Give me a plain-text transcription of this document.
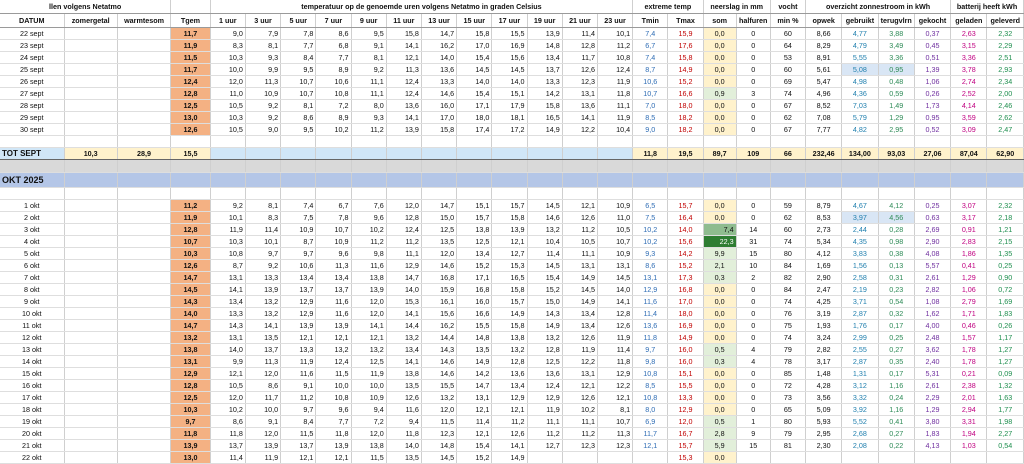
llen volgens Netatmo				temperatuur op de genoemde uren volgens Netatmo in graden Celsius												extreme temp		neerslag in mm		vocht	overzicht zonnestroom in kWh				batterij heeft kWh	
DATUM	zomergetal	warmtesom	Tgem	1 uur	3 uur	5 uur	7 uur	9 uur	11 uur	13 uur	15 uur	17 uur	19 uur	21 uur	23 uur	Tmin	Tmax	som	halfuren	min %	opwek	gebruikt	terugvlrn	gekocht	geladen	geleverd
22 sept			11,7	9,0	7,9	7,8	8,6	9,5	15,8	14,7	15,8	15,5	13,9	11,4	10,1	7,4	15,9	0,0	0	60	8,66	4,77	3,88	0,37	2,63	2,32
23 sept			11,9	8,3	8,1	7,7	6,8	9,1	14,1	16,2	17,0	16,9	14,8	12,8	11,2	6,7	17,6	0,0	0	64	8,29	4,79	3,49	0,45	3,15	2,29
24 sept			11,5	10,3	9,3	8,4	7,7	8,1	12,1	14,0	15,4	15,6	13,4	11,7	10,8	7,4	15,8	0,0	0	53	8,91	5,55	3,36	0,51	3,36	2,51
25 sept			11,7	10,0	9,9	9,5	8,9	9,2	11,3	13,6	14,5	14,5	13,7	12,6	12,4	8,7	14,9	0,0	0	60	5,61	5,08	0,95	1,39	3,78	2,93
26 sept			12,4	12,0	11,3	10,7	10,6	11,1	12,4	13,3	14,0	14,0	13,3	12,3	11,9	10,6	15,2	0,0	0	69	5,47	4,98	0,48	1,06	2,74	2,34
27 sept			12,8	11,0	10,9	10,7	10,8	11,1	12,4	14,6	15,4	15,1	14,2	13,1	11,8	10,7	16,6	0,9	3	74	4,96	4,36	0,59	0,26	2,52	2,00
28 sept			12,5	10,5	9,2	8,1	7,2	8,0	13,6	16,0	17,1	17,9	15,8	13,6	11,1	7,0	18,0	0,0	0	67	8,52	7,03	1,49	1,73	4,14	2,46
29 sept			13,0	10,3	9,2	8,6	8,9	9,3	14,1	17,0	18,0	18,1	16,5	14,1	11,9	8,5	18,2	0,0	0	62	7,08	5,79	1,29	0,95	3,59	2,62
30 sept			12,6	10,5	9,0	9,5	10,2	11,2	13,9	15,8	17,4	17,2	14,9	12,2	10,4	9,0	18,2	0,0	0	67	7,77	4,82	2,95	0,52	3,09	2,47

TOT SEPT	10,3	28,9	15,5													11,8	19,5	89,7	109	66	232,46	134,00	93,03	27,06	87,04	62,90

OKT 2025																										

1 okt			11,2	9,2	8,1	7,4	6,7	7,6	12,0	14,7	15,1	15,7	14,5	12,1	10,9	6,5	15,7	0,0	0	59	8,79	4,67	4,12	0,25	3,07	2,32
2 okt			11,9	10,1	8,3	7,5	7,8	9,6	12,8	15,0	15,7	15,8	14,6	12,6	11,0	7,5	16,4	0,0	0	62	8,53	3,97	4,56	0,63	3,17	2,18
3 okt			12,8	11,9	11,4	10,9	10,7	10,2	12,4	12,5	13,8	13,9	13,2	11,2	10,5	10,2	14,0	7,4	14	60	2,73	2,44	0,28	2,69	0,91	1,21
4 okt			10,7	10,3	10,1	8,7	10,9	11,2	11,2	13,5	12,5	12,1	10,4	10,5	10,7	10,2	15,6	22,3	31	74	5,34	4,35	0,98	2,90	2,83	2,15
5 okt			10,3	10,8	9,7	9,7	9,6	9,8	11,1	12,0	13,4	12,7	11,4	11,1	10,9	9,3	14,2	9,9	15	80	4,12	3,83	0,38	4,08	1,86	1,35
6 okt			12,6	8,7	9,2	10,6	11,3	11,6	12,9	14,6	15,2	15,3	14,5	13,1	13,1	8,6	15,2	2,1	10	84	1,69	1,56	0,13	5,57	0,41	0,25
7 okt			14,7	13,1	13,3	13,4	13,4	13,8	14,7	16,8	17,1	16,5	15,4	14,9	14,5	13,1	17,3	0,3	2	82	2,90	2,58	0,31	2,61	1,29	0,90
8 okt			14,5	14,1	13,9	13,7	13,7	13,9	14,0	15,9	16,8	15,8	15,2	14,5	14,0	12,9	16,8	0,0	0	84	2,47	2,19	0,23	2,82	1,06	0,72
9 okt			14,3	13,4	13,2	12,9	11,6	12,0	15,3	16,1	16,0	15,7	15,0	14,9	14,1	11,6	17,0	0,0	0	74	4,25	3,71	0,54	1,08	2,79	1,69
10 okt			14,0	13,3	13,2	12,9	11,6	12,0	14,1	15,6	16,6	14,9	14,3	13,4	12,8	11,4	18,0	0,0	0	76	3,19	2,87	0,32	1,62	1,71	1,83
11 okt			14,7	14,3	14,1	13,9	13,9	14,1	14,4	16,2	15,5	15,8	14,9	13,4	12,6	13,6	16,9	0,0	0	75	1,93	1,76	0,17	4,00	0,46	0,26
12 okt			13,2	13,1	13,5	12,1	12,1	12,1	13,2	14,4	14,8	13,8	13,2	12,6	11,9	11,8	14,9	0,0	0	74	3,24	2,99	0,25	2,48	1,57	1,17
13 okt			13,8	14,0	13,7	13,3	13,2	13,2	13,4	14,3	13,5	13,2	12,8	11,9	11,4	9,7	16,0	0,5	4	79	2,82	2,55	0,27	3,62	1,78	1,27
14 okt			13,1	9,9	11,3	11,9	12,4	12,5	14,1	14,6	14,9	12,8	12,5	12,2	11,8	9,8	16,0	0,3	4	78	3,17	2,87	0,35	2,40	1,78	1,27
15 okt			12,9	12,1	12,0	11,6	11,5	11,9	13,8	14,6	14,2	13,6	13,6	13,1	12,9	10,8	15,1	0,0	0	85	1,48	1,31	0,17	5,31	0,21	0,09
16 okt			12,8	10,5	8,6	9,1	10,0	10,0	13,5	15,5	14,7	13,4	12,4	12,1	12,2	8,5	15,5	0,0	0	72	4,28	3,12	1,16	2,61	2,38	1,32
17 okt			12,5	12,0	11,7	11,2	10,8	10,9	12,6	13,2	13,1	12,9	12,9	12,6	12,1	10,8	13,3	0,0	0	73	3,56	3,32	0,24	2,29	2,01	1,63
18 okt			10,3	10,2	10,0	9,7	9,6	9,4	11,6	12,0	12,1	12,1	11,9	10,2	8,1	8,0	12,9	0,0	0	65	5,09	3,92	1,16	1,29	2,94	1,77
19 okt			9,7	8,6	9,1	8,4	7,7	7,2	9,4	11,5	11,4	11,2	11,1	11,1	10,7	6,9	12,0	0,5	1	80	5,93	5,52	0,41	3,80	3,31	1,98
20 okt			11,8	11,8	12,0	11,5	11,8	12,0	11,8	12,3	12,1	12,6	11,2	11,2	11,3	11,7	16,7	2,8	9	79	2,95	2,68	0,27	1,83	1,94	2,27
21 okt			13,9	13,7	13,9	13,7	13,9	13,8	14,0	14,8	15,4	14,1	12,7	12,3	12,3	12,1	15,7	5,9	15	81	2,30	2,08	0,22	4,13	1,03	0,54
22 okt			13,0	11,4	11,9	12,1	12,1	11,5	13,5	14,5	15,2	14,9					15,3	0,0								
